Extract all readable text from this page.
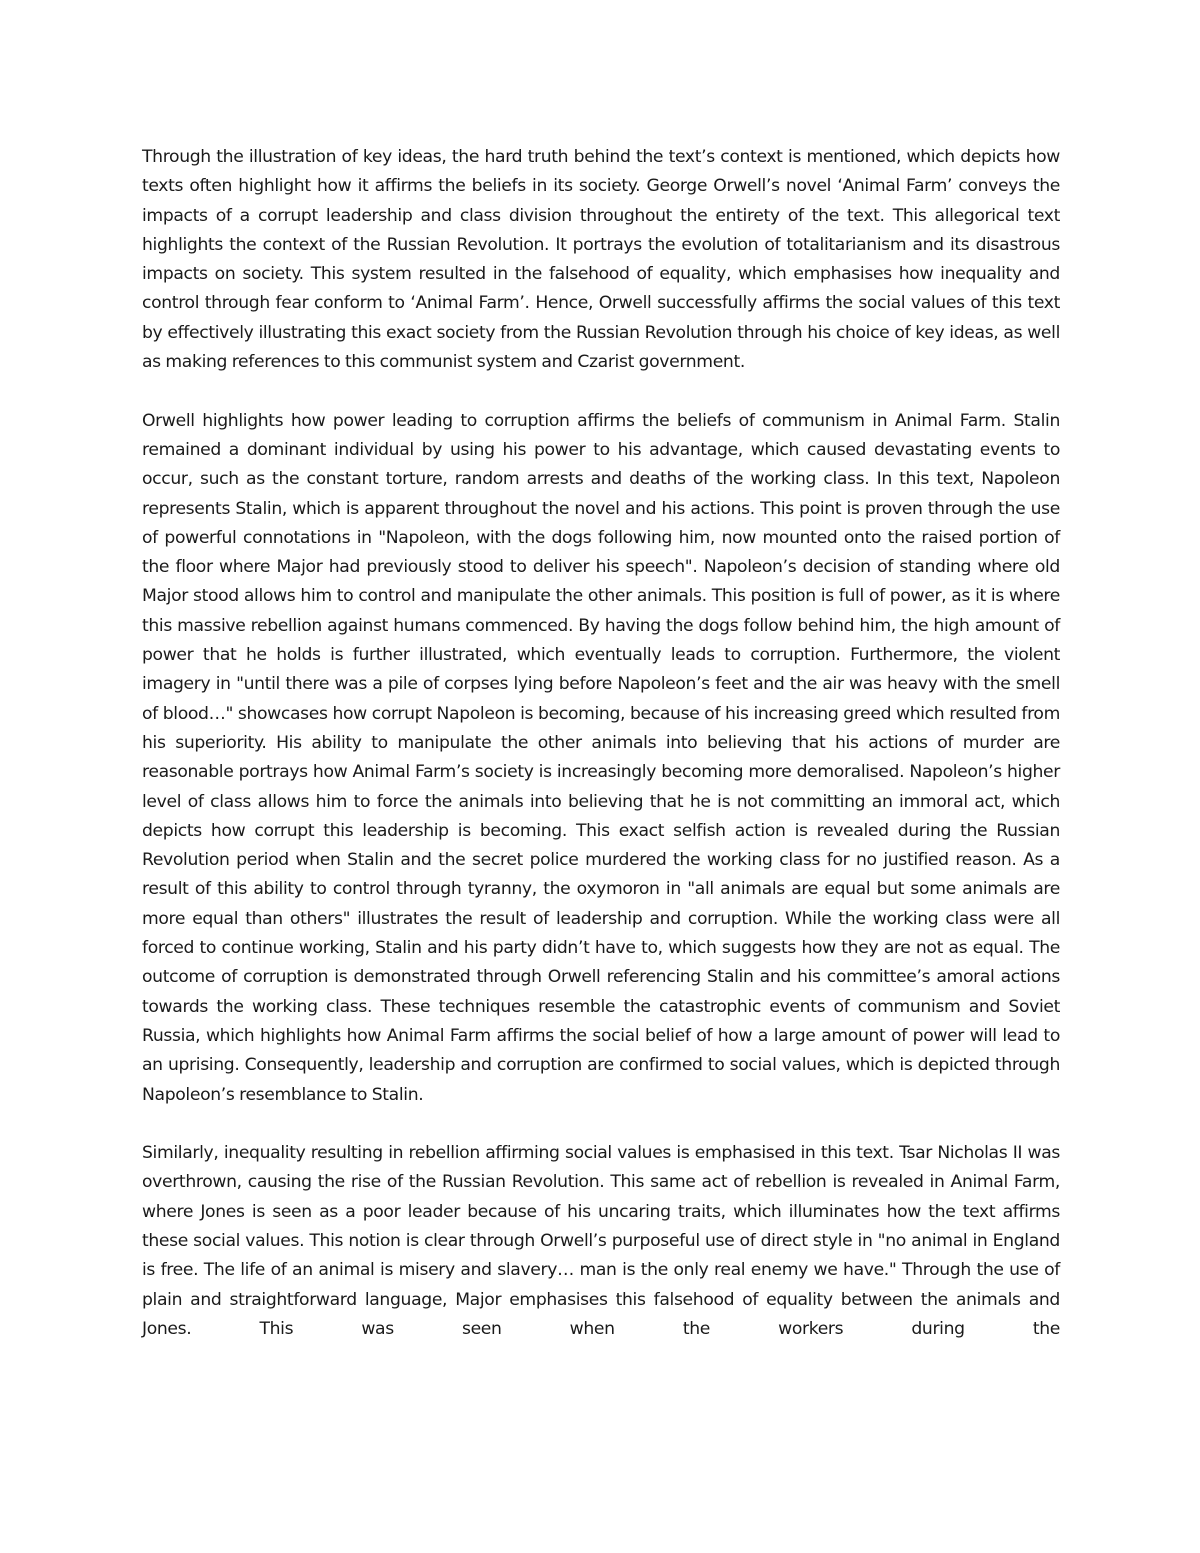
Through the illustration of key ideas, the hard truth behind the text’s context is mentioned, which depicts how texts often highlight how it affirms the beliefs in its society. George Orwell’s novel ‘Animal Farm’ conveys the impacts of a corrupt leadership and class division throughout the entirety of the text. This allegorical text highlights the context of the Russian Revolution. It portrays the evolution of totalitarianism and its disastrous impacts on society. This system resulted in the falsehood of equality, which emphasises how inequality and control through fear conform to ‘Animal Farm’. Hence, Orwell successfully affirms the social values of this text by effectively illustrating this exact society from the Russian Revolution through his choice of key ideas, as well as making references to this communist system and Czarist government.

Orwell highlights how power leading to corruption affirms the beliefs of communism in Animal Farm. Stalin remained a dominant individual by using his power to his advantage, which caused devastating events to occur, such as the constant torture, random arrests and deaths of the working class. In this text, Napoleon represents Stalin, which is apparent throughout the novel and his actions. This point is proven through the use of powerful connotations in "Napoleon, with the dogs following him, now mounted onto the raised portion of the floor where Major had previously stood to deliver his speech". Napoleon’s decision of standing where old Major stood allows him to control and manipulate the other animals. This position is full of power, as it is where this massive rebellion against humans commenced. By having the dogs follow behind him, the high amount of power that he holds is further illustrated, which eventually leads to corruption. Furthermore, the violent imagery in "until there was a pile of corpses lying before Napoleon’s feet and the air was heavy with the smell of blood…" showcases how corrupt Napoleon is becoming, because of his increasing greed which resulted from his superiority. His ability to manipulate the other animals into believing that his actions of murder are reasonable portrays how Animal Farm’s society is increasingly becoming more demoralised. Napoleon’s higher level of class allows him to force the animals into believing that he is not committing an immoral act, which depicts how corrupt this leadership is becoming. This exact selfish action is revealed during the Russian Revolution period when Stalin and the secret police murdered the working class for no justified reason. As a result of this ability to control through tyranny, the oxymoron in "all animals are equal but some animals are more equal than others" illustrates the result of leadership and corruption. While the working class were all forced to continue working, Stalin and his party didn’t have to, which suggests how they are not as equal. The outcome of corruption is demonstrated through Orwell referencing Stalin and his committee’s amoral actions towards the working class. These techniques resemble the catastrophic events of communism and Soviet Russia, which highlights how Animal Farm affirms the social belief of how a large amount of power will lead to an uprising. Consequently, leadership and corruption are confirmed to social values, which is depicted through Napoleon’s resemblance to Stalin.

Similarly, inequality resulting in rebellion affirming social values is emphasised in this text. Tsar Nicholas II was overthrown, causing the rise of the Russian Revolution. This same act of rebellion is revealed in Animal Farm, where Jones is seen as a poor leader because of his uncaring traits, which illuminates how the text affirms these social values. This notion is clear through Orwell’s purposeful use of direct style in "no animal in England is free. The life of an animal is misery and slavery… man is the only real enemy we have." Through the use of plain and straightforward language, Major emphasises this falsehood of equality between the animals and Jones. This was seen when the workers during the
